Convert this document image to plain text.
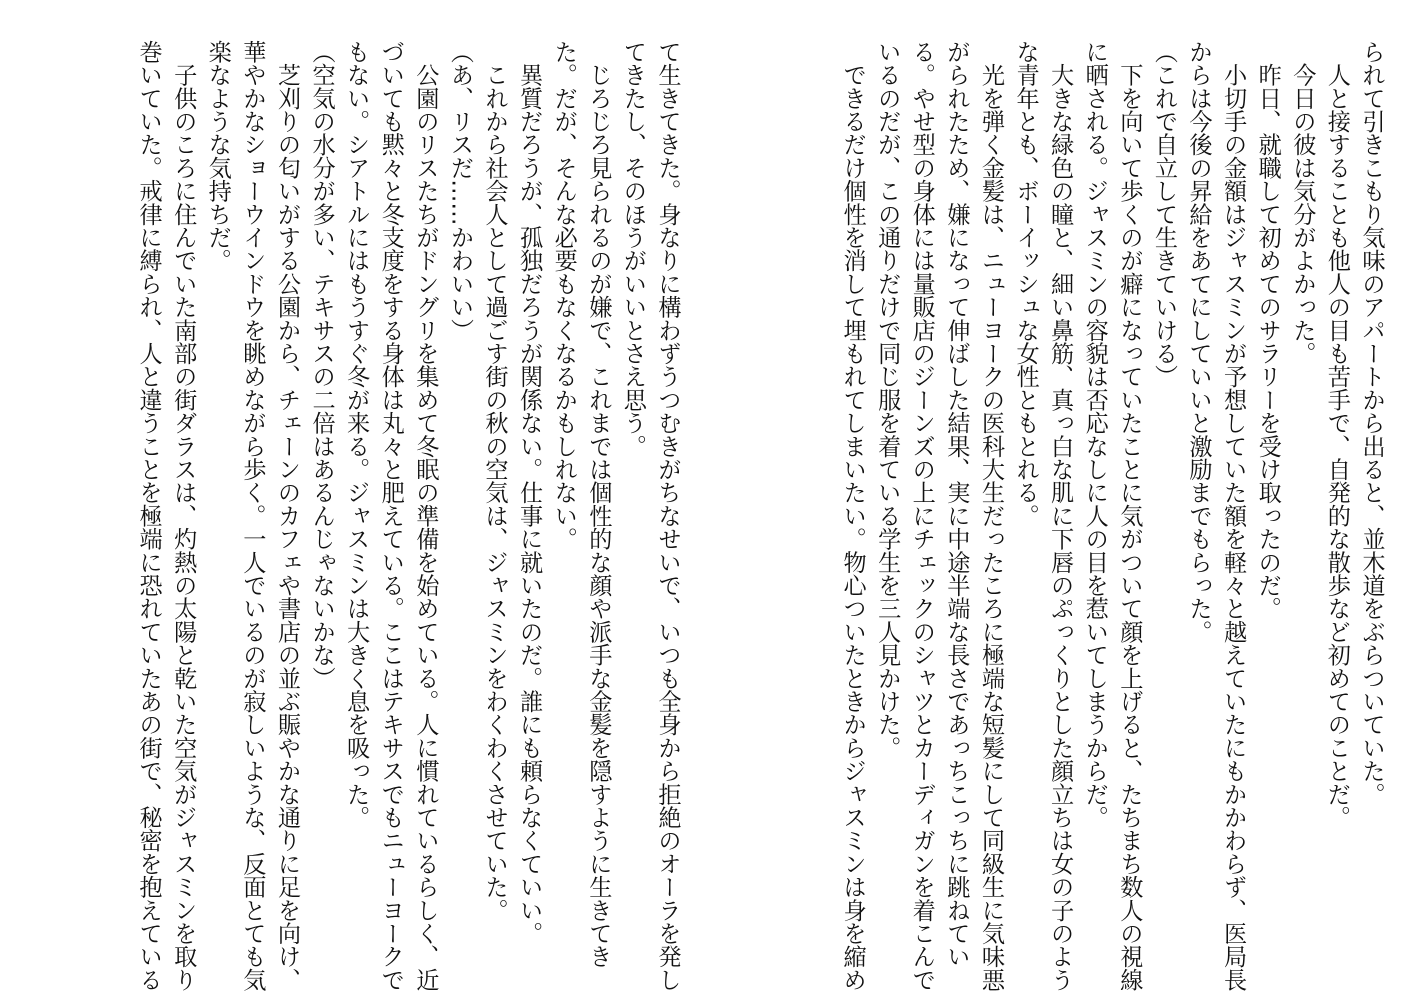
られて引きこもり気味のアパートから出ると、並木道をぶらついていた。
　人と接することも他人の目も苦手で、自発的な散歩など初めてのことだ。
　今日の彼は気分がよかった。
　昨日、就職して初めてのサラリーを受け取ったのだ。
　小切手の金額はジャスミンが予想していた額を軽々と越えていたにもかかわらず、医局長
からは今後の昇給をあてにしていいと激励までもらった。
（これで自立して生きていける）
　下を向いて歩くのが癖になっていたことに気がついて顔を上げると、たちまち数人の視線
に晒される。ジャスミンの容貌は否応なしに人の目を惹いてしまうからだ。
　大きな緑色の瞳と、細い鼻筋、真っ白な肌に下唇のぷっくりとした顔立ちは女の子のよう
な青年とも、ボーイッシュな女性ともとれる。
　光を弾く金髪は、ニューヨークの医科大生だったころに極端な短髪にして同級生に気味悪
がられたため、嫌になって伸ばした結果、実に中途半端な長さであっちこっちに跳ねてい
る。やせ型の身体には量販店のジーンズの上にチェックのシャツとカーディガンを着こんで
いるのだが、この通りだけで同じ服を着ている学生を三人見かけた。
　できるだけ個性を消して埋もれてしまいたい。物心ついたときからジャスミンは身を縮め
て生きてきた。身なりに構わずうつむきがちなせいで、いつも全身から拒絶のオーラを発し
てきたし、そのほうがいいとさえ思う。
　じろじろ見られるのが嫌で、これまでは個性的な顔や派手な金髪を隠すように生きてき
た。だが、そんな必要もなくなるかもしれない。
　異質だろうが、孤独だろうが関係ない。仕事に就いたのだ。誰にも頼らなくていい。
　これから社会人として過ごす街の秋の空気は、ジャスミンをわくわくさせていた。
（あ、リスだ……かわいい）
　公園のリスたちがドングリを集めて冬眠の準備を始めている。人に慣れているらしく、近
づいても黙々と冬支度をする身体は丸々と肥えている。ここはテキサスでもニューヨークで
もない。シアトルにはもうすぐ冬が来る。ジャスミンは大きく息を吸った。
（空気の水分が多い、テキサスの二倍はあるんじゃないかな）
　芝刈りの匂いがする公園から、チェーンのカフェや書店の並ぶ賑やかな通りに足を向け、
華やかなショーウインドウを眺めながら歩く。一人でいるのが寂しいような、反面とても気
楽なような気持ちだ。
　子供のころに住んでいた南部の街ダラスは、灼熱の太陽と乾いた空気がジャスミンを取り
巻いていた。戒律に縛られ、人と違うことを極端に恐れていたあの街で、秘密を抱えている
